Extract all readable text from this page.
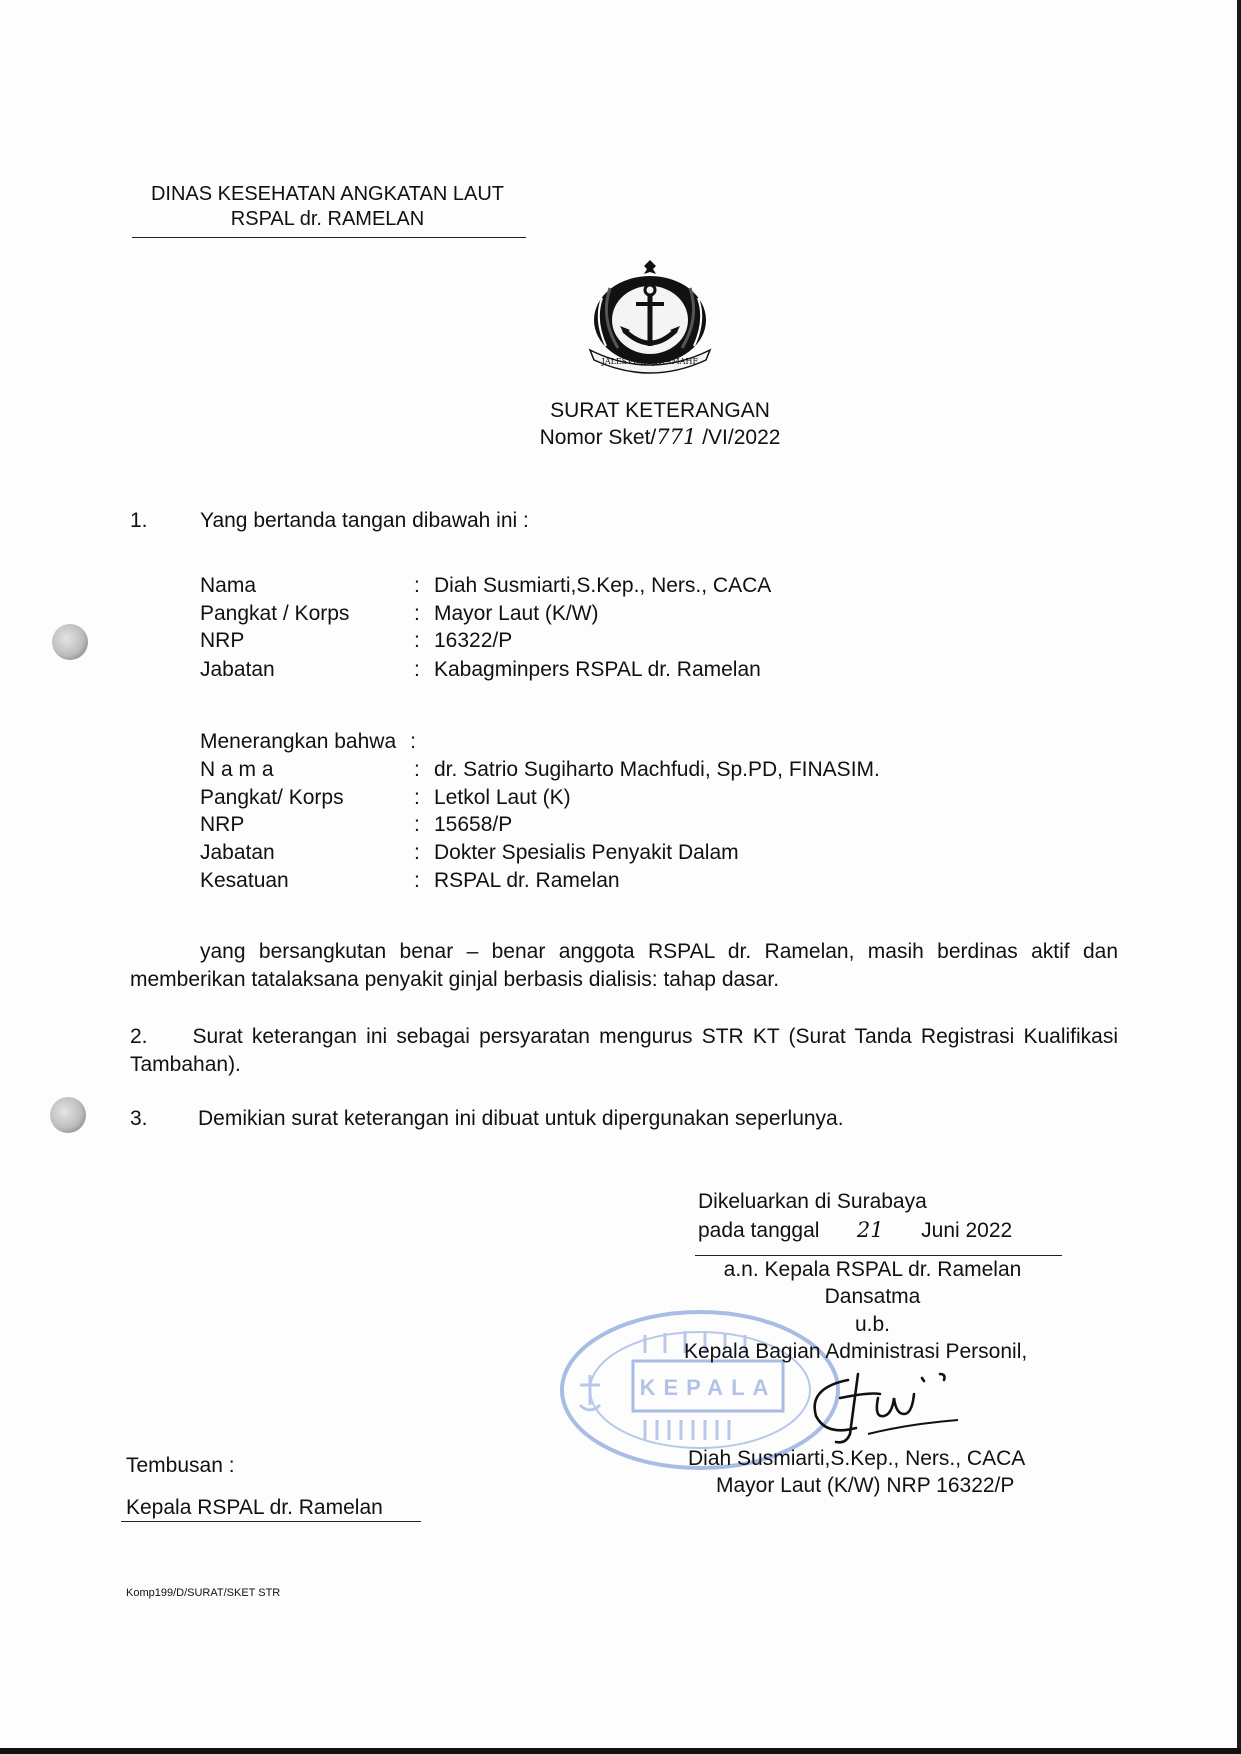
DINAS KESEHATAN ANGKATAN LAUT
RSPAL dr. RAMELAN
JALESVEVA JAYAMAHE
SURAT KETERANGAN
Nomor Sket/771 /VI/2022
1. Yang bertanda tangan dibawah ini :
Nama	: Diah Susmiarti,S.Kep., Ners., CACA
Pangkat / Korps	: Mayor Laut (K/W)
NRP	: 16322/P
Jabatan	: Kabagminpers RSPAL dr. Ramelan
Menerangkan bahwa :
N a m a	: dr. Satrio Sugiharto Machfudi, Sp.PD, FINASIM.
Pangkat/ Korps	: Letkol Laut (K)
NRP	: 15658/P
Jabatan	: Dokter Spesialis Penyakit Dalam
Kesatuan	: RSPAL dr. Ramelan
yang bersangkutan benar – benar anggota RSPAL dr. Ramelan, masih berdinas aktif dan memberikan tatalaksana penyakit ginjal berbasis dialisis: tahap dasar.
2. Surat keterangan ini sebagai persyaratan mengurus STR KT (Surat Tanda Registrasi Kualifikasi Tambahan).
3. Demikian surat keterangan ini dibuat untuk dipergunakan seperlunya.
Dikeluarkan di Surabaya
pada tanggal 21 Juni 2022
KEPALA
a.n. Kepala RSPAL dr. Ramelan
Dansatma
u.b.
Kepala Bagian Administrasi Personil,
Diah Susmiarti,S.Kep., Ners., CACA
Mayor Laut (K/W) NRP 16322/P
Tembusan :
Kepala RSPAL dr. Ramelan
Komp199/D/SURAT/SKET STR
